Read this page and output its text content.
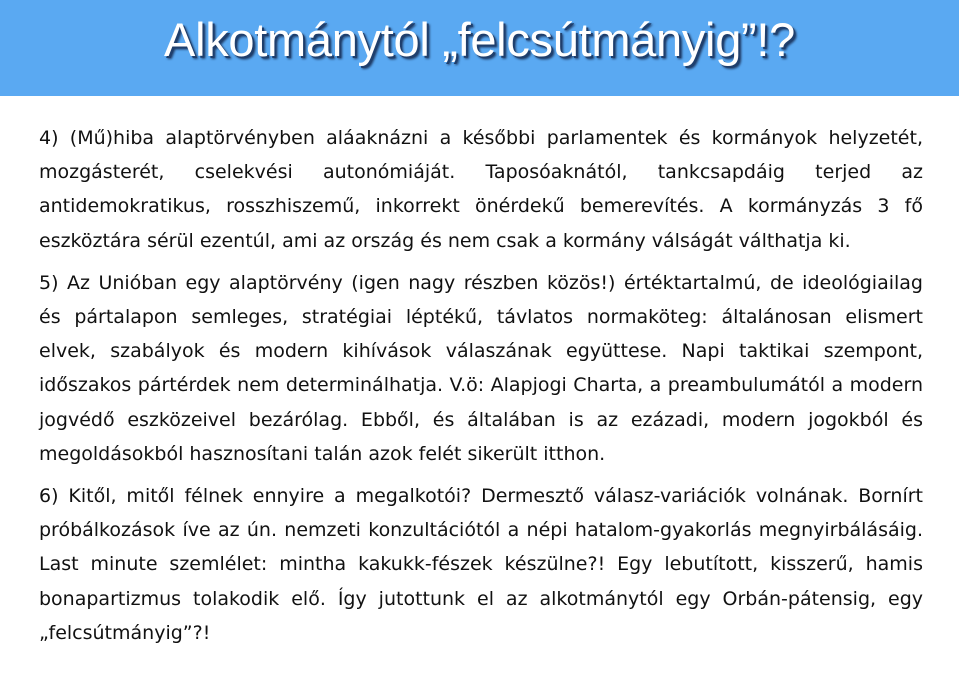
Alkotmánytól „felcsútmányig”!?

4) (Mű)hiba alaptörvényben aláaknázni a későbbi parlamentek és kormányok helyzetét, mozgásterét, cselekvési autonómiáját. Taposóaknától, tankcsapdáig terjed az antidemokratikus, rosszhiszemű, inkorrekt önérdekű bemerevítés. A kormányzás 3 fő eszköztára sérül ezentúl, ami az ország és nem csak a kormány válságát válthatja ki.

5) Az Unióban egy alaptörvény (igen nagy részben közös!) értéktartalmú, de ideológiailag és pártalapon semleges, stratégiai léptékű, távlatos normaköteg: általánosan elismert elvek, szabályok és modern kihívások válaszának együttese. Napi taktikai szempont, időszakos pártérdek nem determinálhatja. V.ö: Alapjogi Charta, a preambulumától a modern jogvédő eszközeivel bezárólag. Ebből, és általában is az ezázadi, modern jogokból és megoldásokból hasznosítani talán azok felét sikerült itthon.

6) Kitől, mitől félnek ennyire a megalkotói? Dermesztő válasz-variációk volnának. Bornírt próbálkozások íve az ún. nemzeti konzultációtól a népi hatalom-gyakorlás megnyirbálásáig. Last minute szemlélet: mintha kakukk-fészek készülne?! Egy lebutított, kisszerű, hamis bonapartizmus tolakodik elő. Így jutottunk el az alkotmánytól egy Orbán-pátensig, egy „felcsútmányig”?!
